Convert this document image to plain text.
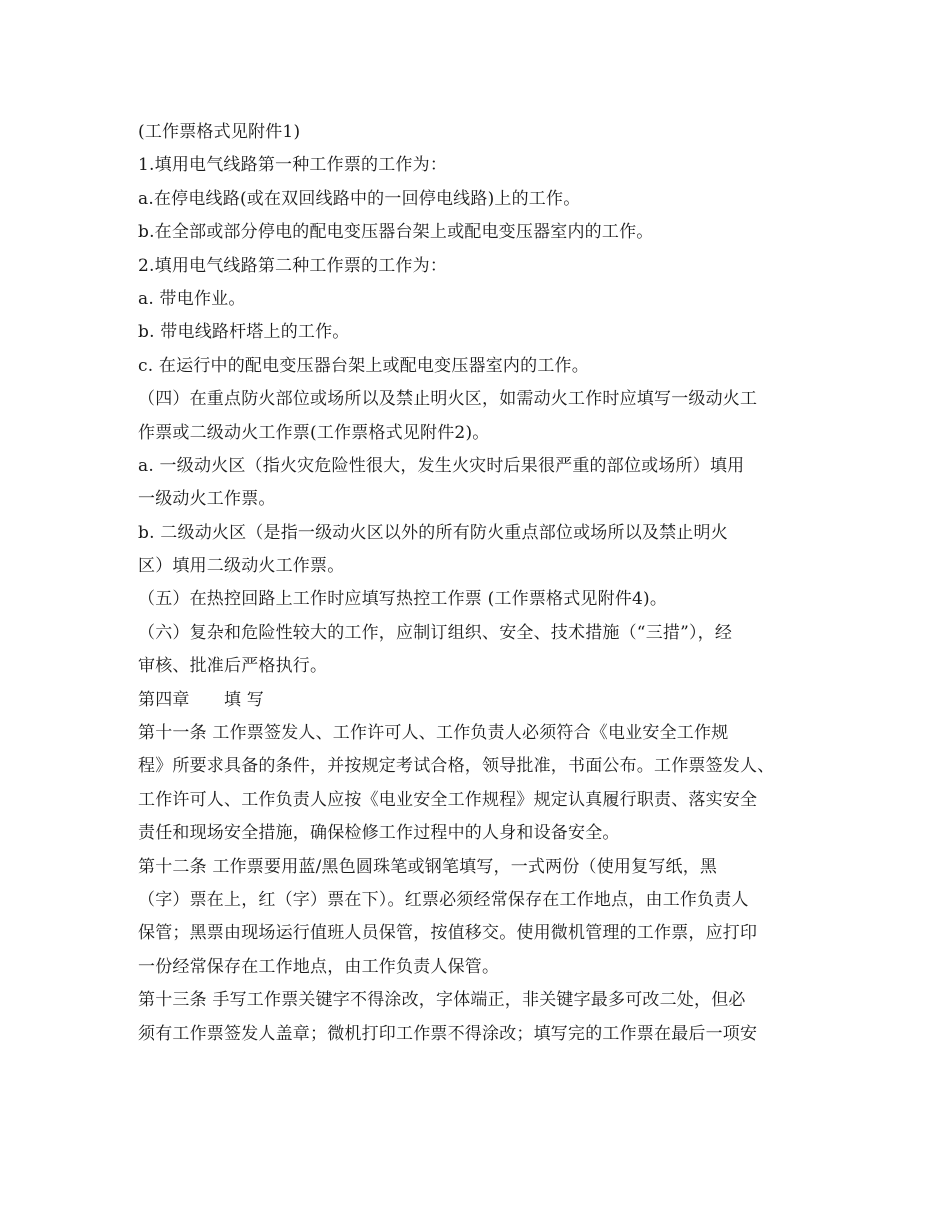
(工作票格式见附件1)
1.填用电气线路第一种工作票的工作为：
a.在停电线路(或在双回线路中的一回停电线路)上的工作。
b.在全部或部分停电的配电变压器台架上或配电变压器室内的工作。
2.填用电气线路第二种工作票的工作为：
a. 带电作业。
b. 带电线路杆塔上的工作。
c. 在运行中的配电变压器台架上或配电变压器室内的工作。
（四）在重点防火部位或场所以及禁止明火区，如需动火工作时应填写一级动火工
作票或二级动火工作票(工作票格式见附件2)。
a. 一级动火区（指火灾危险性很大，发生火灾时后果很严重的部位或场所）填用
一级动火工作票。
b. 二级动火区（是指一级动火区以外的所有防火重点部位或场所以及禁止明火
区）填用二级动火工作票。
（五）在热控回路上工作时应填写热控工作票 (工作票格式见附件4)。
（六）复杂和危险性较大的工作，应制订组织、安全、技术措施（“三措”），经
审核、批准后严格执行。
第四章　　填 写
第十一条 工作票签发人、工作许可人、工作负责人必须符合《电业安全工作规
程》所要求具备的条件，并按规定考试合格，领导批准，书面公布。工作票签发人、
工作许可人、工作负责人应按《电业安全工作规程》规定认真履行职责、落实安全
责任和现场安全措施，确保检修工作过程中的人身和设备安全。
第十二条 工作票要用蓝/黑色圆珠笔或钢笔填写，一式两份（使用复写纸，黑
（字）票在上，红（字）票在下）。红票必须经常保存在工作地点，由工作负责人
保管；黑票由现场运行值班人员保管，按值移交。使用微机管理的工作票，应打印
一份经常保存在工作地点，由工作负责人保管。
第十三条 手写工作票关键字不得涂改，字体端正，非关键字最多可改二处，但必
须有工作票签发人盖章；微机打印工作票不得涂改；填写完的工作票在最后一项安
